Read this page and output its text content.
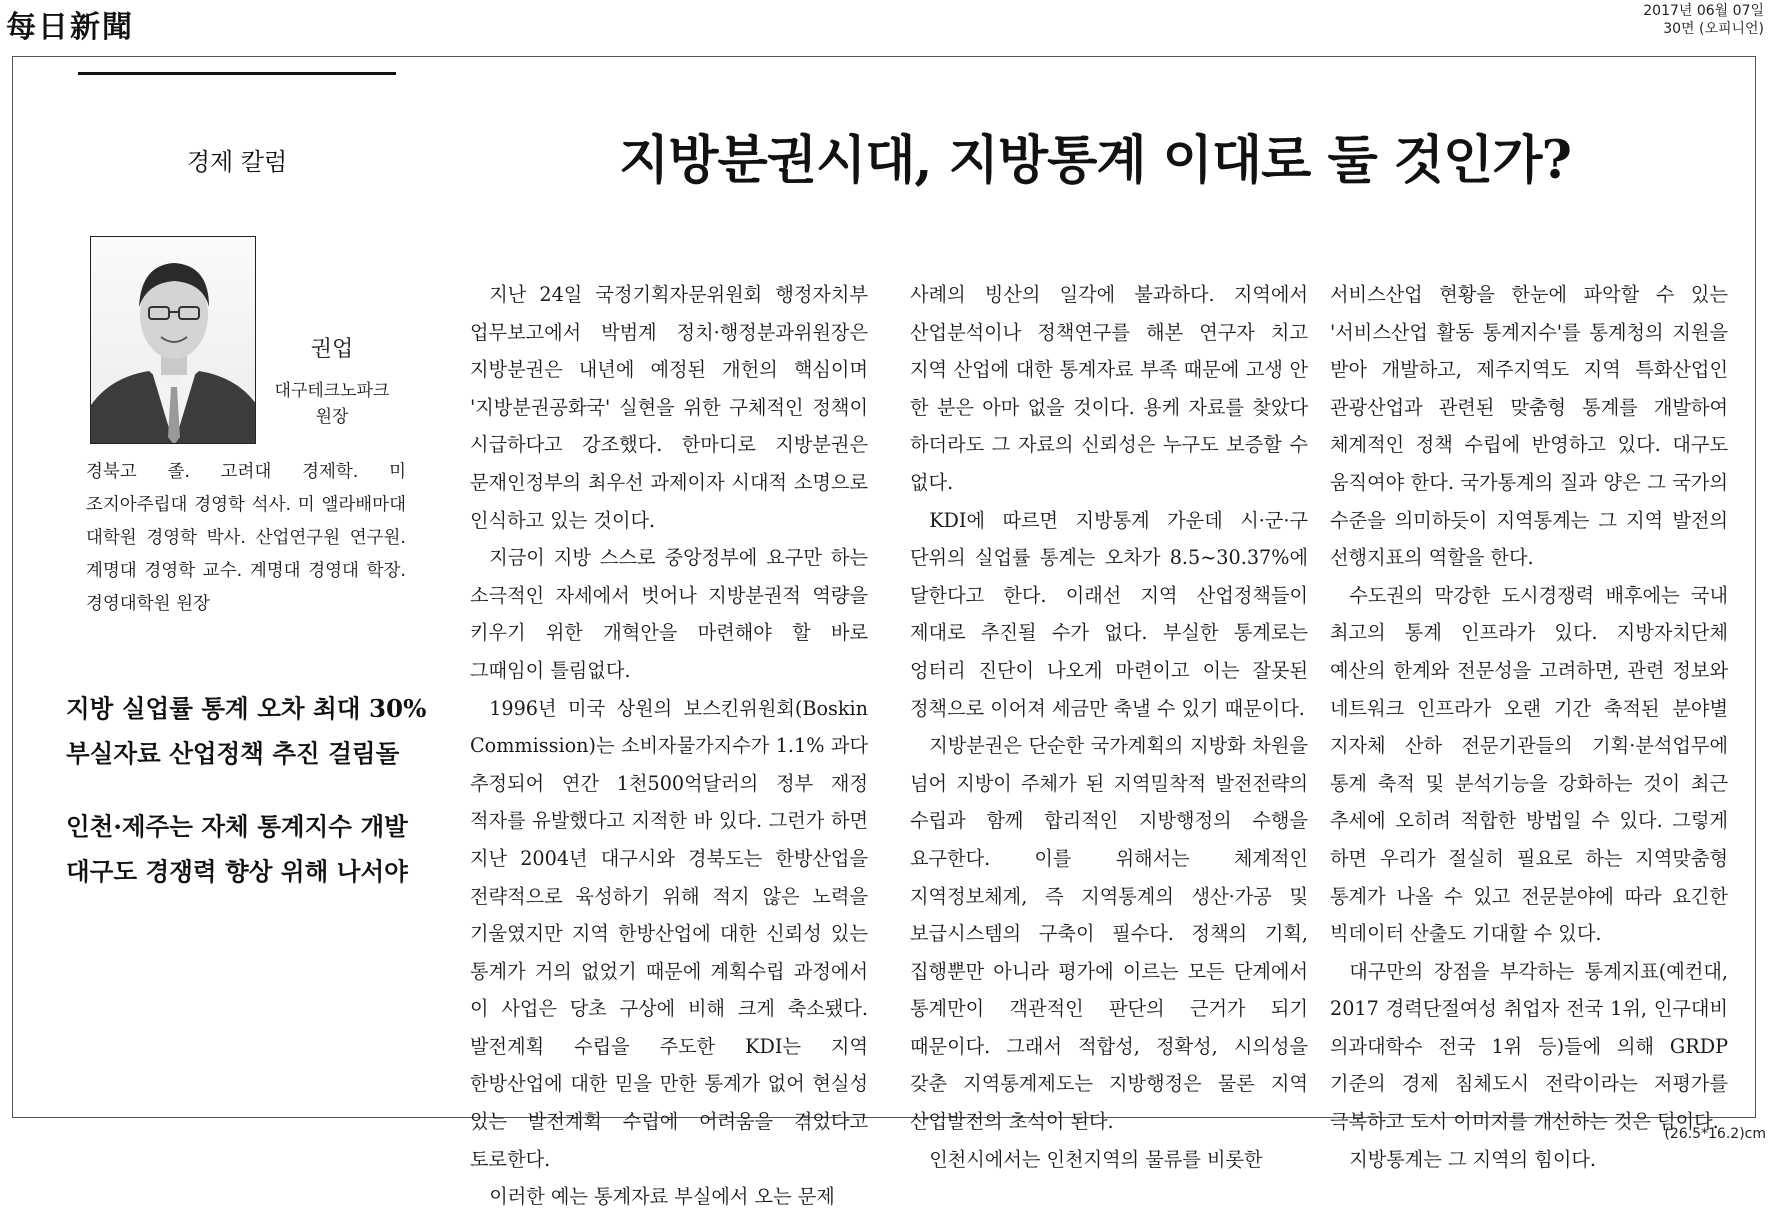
每日新聞	2017년 06월 07일
30면 (오피니언)
경제 칼럼	지방분권시대, 지방통계 이대로 둘 것인가?
권업
대구테크노파크
원장
경북고 졸. 고려대 경제학. 미 조지아주립대 경영학 석사. 미 앨라배마대 대학원 경영학 박사. 산업연구원 연구원. 계명대 경영학 교수. 계명대 경영대 학장. 경영대학원 원장
지방 실업률 통계 오차 최대 30%
부실자료 산업정책 추진 걸림돌
인천·제주는 자체 통계지수 개발
대구도 경쟁력 향상 위해 나서야

지난 24일 국정기획자문위원회 행정자치부 업무보고에서 박범계 정치·행정분과위원장은 지방분권은 내년에 예정된 개헌의 핵심이며 '지방분권공화국' 실현을 위한 구체적인 정책이 시급하다고 강조했다. 한마디로 지방분권은 문재인정부의 최우선 과제이자 시대적 소명으로 인식하고 있는 것이다.

지금이 지방 스스로 중앙정부에 요구만 하는 소극적인 자세에서 벗어나 지방분권적 역량을 키우기 위한 개혁안을 마련해야 할 바로 그때임이 틀림없다.

1996년 미국 상원의 보스킨위원회(Boskin Commission)는 소비자물가지수가 1.1% 과다 추정되어 연간 1천500억달러의 정부 재정 적자를 유발했다고 지적한 바 있다. 그런가 하면 지난 2004년 대구시와 경북도는 한방산업을 전략적으로 육성하기 위해 적지 않은 노력을 기울였지만 지역 한방산업에 대한 신뢰성 있는 통계가 거의 없었기 때문에 계획수립 과정에서 이 사업은 당초 구상에 비해 크게 축소됐다. 발전계획 수립을 주도한 KDI는 지역 한방산업에 대한 믿을 만한 통계가 없어 현실성 있는 발전계획 수립에 어려움을 겪었다고 토로한다.

이러한 예는 통계자료 부실에서 오는 문제

사례의 빙산의 일각에 불과하다. 지역에서 산업분석이나 정책연구를 해본 연구자 치고 지역 산업에 대한 통계자료 부족 때문에 고생 안 한 분은 아마 없을 것이다. 용케 자료를 찾았다 하더라도 그 자료의 신뢰성은 누구도 보증할 수 없다.

KDI에 따르면 지방통계 가운데 시·군·구 단위의 실업률 통계는 오차가 8.5~30.37%에 달한다고 한다. 이래선 지역 산업정책들이 제대로 추진될 수가 없다. 부실한 통계로는 엉터리 진단이 나오게 마련이고 이는 잘못된 정책으로 이어져 세금만 축낼 수 있기 때문이다.

지방분권은 단순한 국가계획의 지방화 차원을 넘어 지방이 주체가 된 지역밀착적 발전전략의 수립과 함께 합리적인 지방행정의 수행을 요구한다. 이를 위해서는 체계적인 지역정보체계, 즉 지역통계의 생산·가공 및 보급시스템의 구축이 필수다. 정책의 기획, 집행뿐만 아니라 평가에 이르는 모든 단계에서 통계만이 객관적인 판단의 근거가 되기 때문이다. 그래서 적합성, 정확성, 시의성을 갖춘 지역통계제도는 지방행정은 물론 지역 산업발전의 초석이 된다.

인천시에서는 인천지역의 물류를 비롯한

서비스산업 현황을 한눈에 파악할 수 있는 '서비스산업 활동 통계지수'를 통계청의 지원을 받아 개발하고, 제주지역도 지역 특화산업인 관광산업과 관련된 맞춤형 통계를 개발하여 체계적인 정책 수립에 반영하고 있다. 대구도 움직여야 한다. 국가통계의 질과 양은 그 국가의 수준을 의미하듯이 지역통계는 그 지역 발전의 선행지표의 역할을 한다.

수도권의 막강한 도시경쟁력 배후에는 국내 최고의 통계 인프라가 있다. 지방자치단체 예산의 한계와 전문성을 고려하면, 관련 정보와 네트워크 인프라가 오랜 기간 축적된 분야별 지자체 산하 전문기관들의 기획·분석업무에 통계 축적 및 분석기능을 강화하는 것이 최근 추세에 오히려 적합한 방법일 수 있다. 그렇게 하면 우리가 절실히 필요로 하는 지역맞춤형 통계가 나올 수 있고 전문분야에 따라 요긴한 빅데이터 산출도 기대할 수 있다.

대구만의 장점을 부각하는 통계지표(예컨대, 2017 경력단절여성 취업자 전국 1위, 인구대비 의과대학수 전국 1위 등)들에 의해 GRDP 기준의 경제 침체도시 전락이라는 저평가를 극복하고 도시 이미지를 개선하는 것은 덤이다.

지방통계는 그 지역의 힘이다.

(26.5*16.2)cm
